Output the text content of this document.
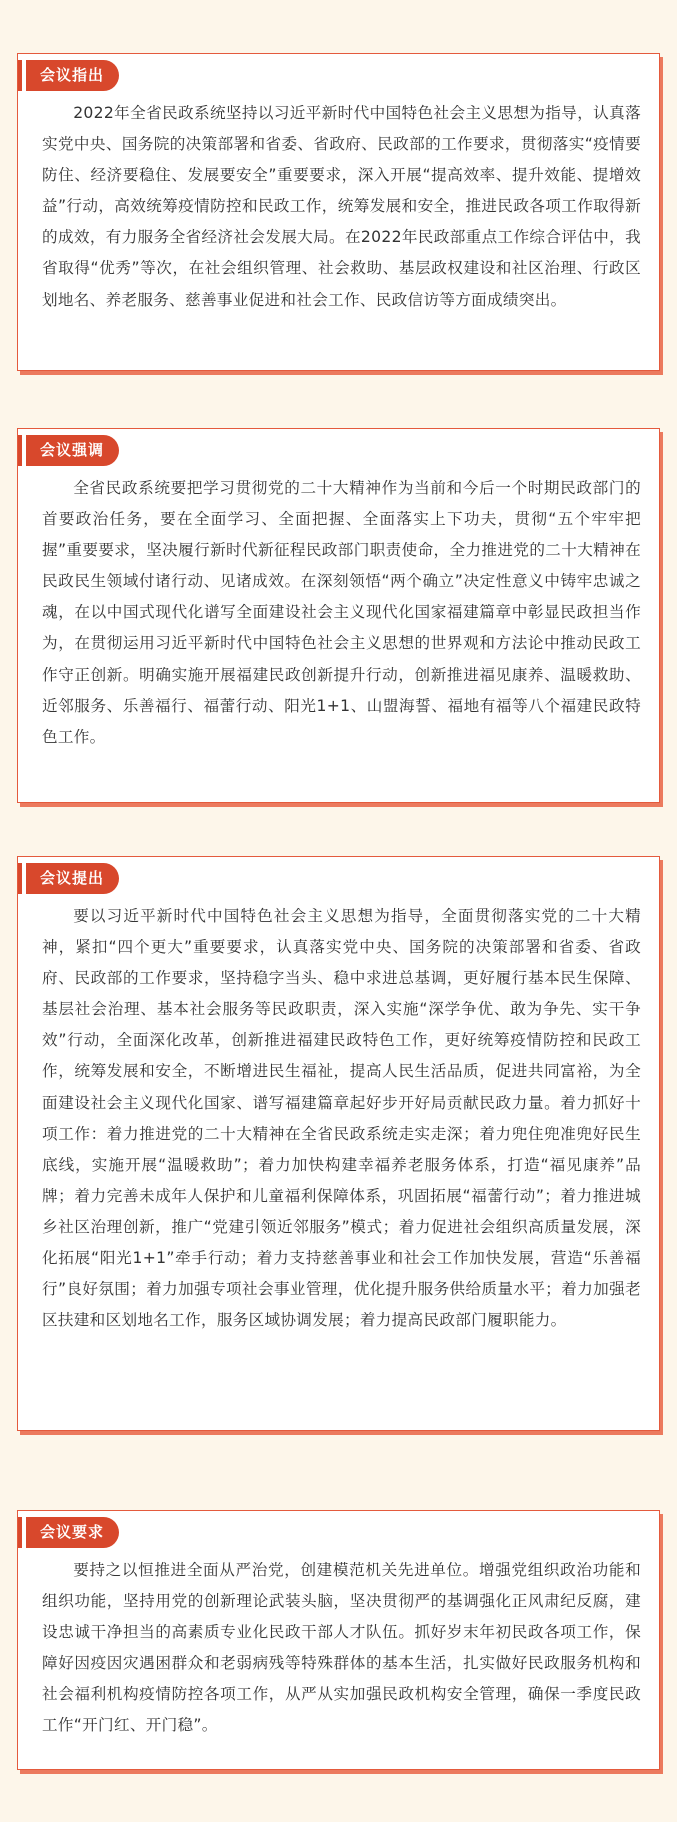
会议指出

2022年全省民政系统坚持以习近平新时代中国特色社会主义思想为指导，认真落实党中央、国务院的决策部署和省委、省政府、民政部的工作要求，贯彻落实“疫情要防住、经济要稳住、发展要安全”重要要求，深入开展“提高效率、提升效能、提增效益”行动，高效统筹疫情防控和民政工作，统筹发展和安全，推进民政各项工作取得新的成效，有力服务全省经济社会发展大局。在2022年民政部重点工作综合评估中，我省取得“优秀”等次，在社会组织管理、社会救助、基层政权建设和社区治理、行政区划地名、养老服务、慈善事业促进和社会工作、民政信访等方面成绩突出。

会议强调

全省民政系统要把学习贯彻党的二十大精神作为当前和今后一个时期民政部门的首要政治任务，要在全面学习、全面把握、全面落实上下功夫，贯彻“五个牢牢把握”重要要求，坚决履行新时代新征程民政部门职责使命，全力推进党的二十大精神在民政民生领域付诸行动、见诸成效。在深刻领悟“两个确立”决定性意义中铸牢忠诚之魂，在以中国式现代化谱写全面建设社会主义现代化国家福建篇章中彰显民政担当作为，在贯彻运用习近平新时代中国特色社会主义思想的世界观和方法论中推动民政工作守正创新。明确实施开展福建民政创新提升行动，创新推进福见康养、温暖救助、近邻服务、乐善福行、福蕾行动、阳光1+1、山盟海誓、福地有福等八个福建民政特色工作。

会议提出

要以习近平新时代中国特色社会主义思想为指导，全面贯彻落实党的二十大精神，紧扣“四个更大”重要要求，认真落实党中央、国务院的决策部署和省委、省政府、民政部的工作要求，坚持稳字当头、稳中求进总基调，更好履行基本民生保障、基层社会治理、基本社会服务等民政职责，深入实施“深学争优、敢为争先、实干争效”行动，全面深化改革，创新推进福建民政特色工作，更好统筹疫情防控和民政工作，统筹发展和安全，不断增进民生福祉，提高人民生活品质，促进共同富裕，为全面建设社会主义现代化国家、谱写福建篇章起好步开好局贡献民政力量。着力抓好十项工作：着力推进党的二十大精神在全省民政系统走实走深；着力兜住兜准兜好民生底线，实施开展“温暖救助”；着力加快构建幸福养老服务体系，打造“福见康养”品牌；着力完善未成年人保护和儿童福利保障体系，巩固拓展“福蕾行动”；着力推进城乡社区治理创新，推广“党建引领近邻服务”模式；着力促进社会组织高质量发展，深化拓展“阳光1+1”牵手行动；着力支持慈善事业和社会工作加快发展，营造“乐善福行”良好氛围；着力加强专项社会事业管理，优化提升服务供给质量水平；着力加强老区扶建和区划地名工作，服务区域协调发展；着力提高民政部门履职能力。

会议要求

要持之以恒推进全面从严治党，创建模范机关先进单位。增强党组织政治功能和组织功能，坚持用党的创新理论武装头脑，坚决贯彻严的基调强化正风肃纪反腐，建设忠诚干净担当的高素质专业化民政干部人才队伍。抓好岁末年初民政各项工作，保障好因疫因灾遇困群众和老弱病残等特殊群体的基本生活，扎实做好民政服务机构和社会福利机构疫情防控各项工作，从严从实加强民政机构安全管理，确保一季度民政工作“开门红、开门稳”。
